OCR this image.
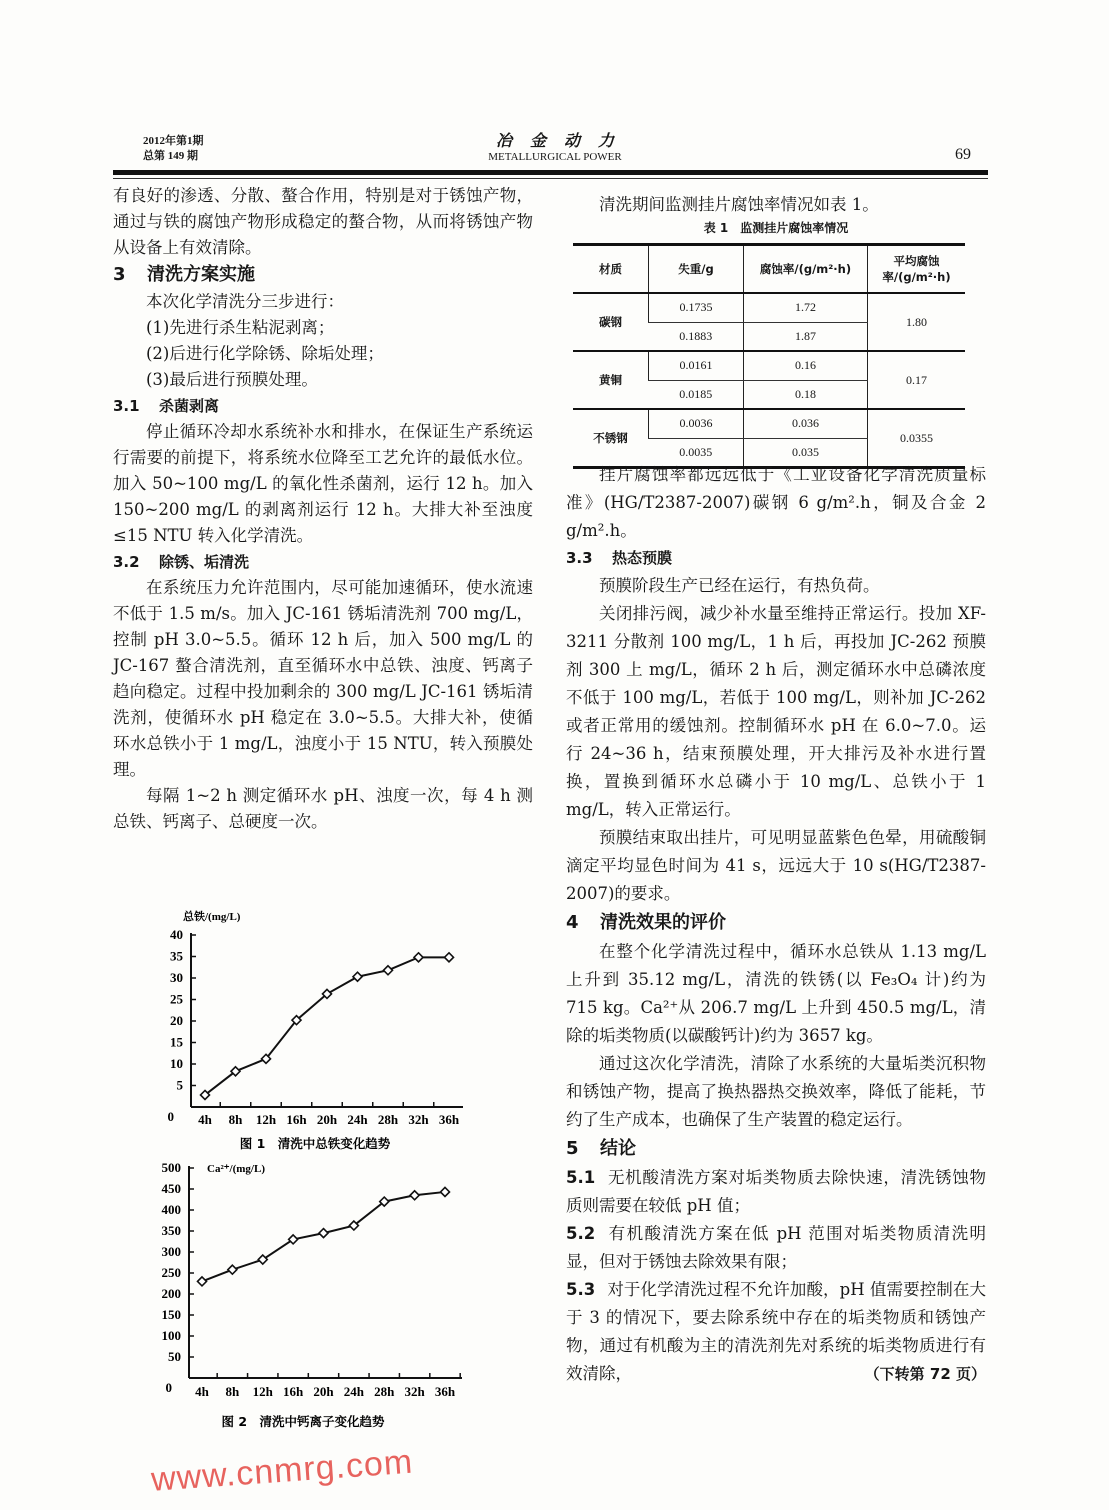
2012年第1期
总第 149 期
冶金动力
METALLURGICAL POWER	69

有良好的渗透、分散、螯合作用，特别是对于锈蚀产物，通过与铁的腐蚀产物形成稳定的螯合物，从而将锈蚀产物从设备上有效清除。

3 清洗方案实施

本次化学清洗分三步进行：

(1)先进行杀生粘泥剥离；

(2)后进行化学除锈、除垢处理；

(3)最后进行预膜处理。

3.1 杀菌剥离

停止循环冷却水系统补水和排水，在保证生产系统运行需要的前提下，将系统水位降至工艺允许的最低水位。加入 50~100 mg/L 的氧化性杀菌剂，运行 12 h。加入 150~200 mg/L 的剥离剂运行 12 h。大排大补至浊度≤15 NTU 转入化学清洗。

3.2 除锈、垢清洗

在系统压力允许范围内，尽可能加速循环，使水流速不低于 1.5 m/s。加入 JC-161 锈垢清洗剂 700 mg/L，控制 pH 3.0~5.5。循环 12 h 后，加入 500 mg/L 的 JC-167 螯合清洗剂，直至循环水中总铁、浊度、钙离子趋向稳定。过程中投加剩余的 300 mg/L JC-161 锈垢清洗剂，使循环水 pH 稳定在 3.0~5.5。大排大补，使循环水总铁小于 1 mg/L，浊度小于 15 NTU，转入预膜处理。

每隔 1~2 h 测定循环水 pH、浊度一次，每 4 h 测总铁、钙离子、总硬度一次。

清洗期间监测挂片腐蚀率情况如表 1。

表 1　监测挂片腐蚀率情况
材质	失重/g	腐蚀率/(g/m²·h)	平均腐蚀率/(g/m²·h)
碳钢	0.1735	1.72	1.80
	0.1883	1.87	
黄铜	0.0161	0.16	0.17
	0.0185	0.18	
不锈钢	0.0036	0.036	0.0355
	0.0035	0.035	

挂片腐蚀率都远远低于《工业设备化学清洗质量标准》(HG/T2387-2007)碳钢 6 g/m².h，铜及合金 2 g/m².h。

3.3 热态预膜

预膜阶段生产已经在运行，有热负荷。

关闭排污阀，减少补水量至维持正常运行。投加 XF-3211 分散剂 100 mg/L，1 h 后，再投加 JC-262 预膜剂 300 上 mg/L，循环 2 h 后，测定循环水中总磷浓度不低于 100 mg/L，若低于 100 mg/L，则补加 JC-262 或者正常用的缓蚀剂。控制循环水 pH 在 6.0~7.0。运行 24~36 h，结束预膜处理，开大排污及补水进行置换，置换到循环水总磷小于 10 mg/L、总铁小于 1 mg/L，转入正常运行。

预膜结束取出挂片，可见明显蓝紫色色晕，用硫酸铜滴定平均显色时间为 41 s，远远大于 10 s(HG/T2387-2007)的要求。

4 清洗效果的评价

在整个化学清洗过程中，循环水总铁从 1.13 mg/L 上升到 35.12 mg/L，清洗的铁锈(以 Fe₃O₄ 计)约为 715 kg。Ca²⁺从 206.7 mg/L 上升到 450.5 mg/L，清除的垢类物质(以碳酸钙计)约为 3657 kg。

通过这次化学清洗，清除了水系统的大量垢类沉积物和锈蚀产物，提高了换热器热交换效率，降低了能耗，节约了生产成本，也确保了生产装置的稳定运行。

5 结论

5.1 无机酸清洗方案对垢类物质去除快速，清洗锈蚀物质则需要在较低 pH 值；

5.2 有机酸清洗方案在低 pH 范围对垢类物质清洗明显，但对于锈蚀去除效果有限；

5.3 对于化学清洗过程不允许加酸，pH 值需要控制在大于 3 的情况下，要去除系统中存在的垢类物质和锈蚀产物，通过有机酸为主的清洗剂先对系统的垢类物质进行有效清除，	（下转第 72 页）

总铁/(mg/L)
图 1　清洗中总铁变化趋势
Ca²⁺/(mg/L)
图 2　清洗中钙离子变化趋势
0
5
10
15
20
25
30
35
40
4h 8h 12h 16h 20h 24h 28h 32h 36h
0
50
100
150
200
250
300
350
400
450
500
4h 8h 12h 16h 20h 24h 28h 32h 36h
www.cnmrg.com
